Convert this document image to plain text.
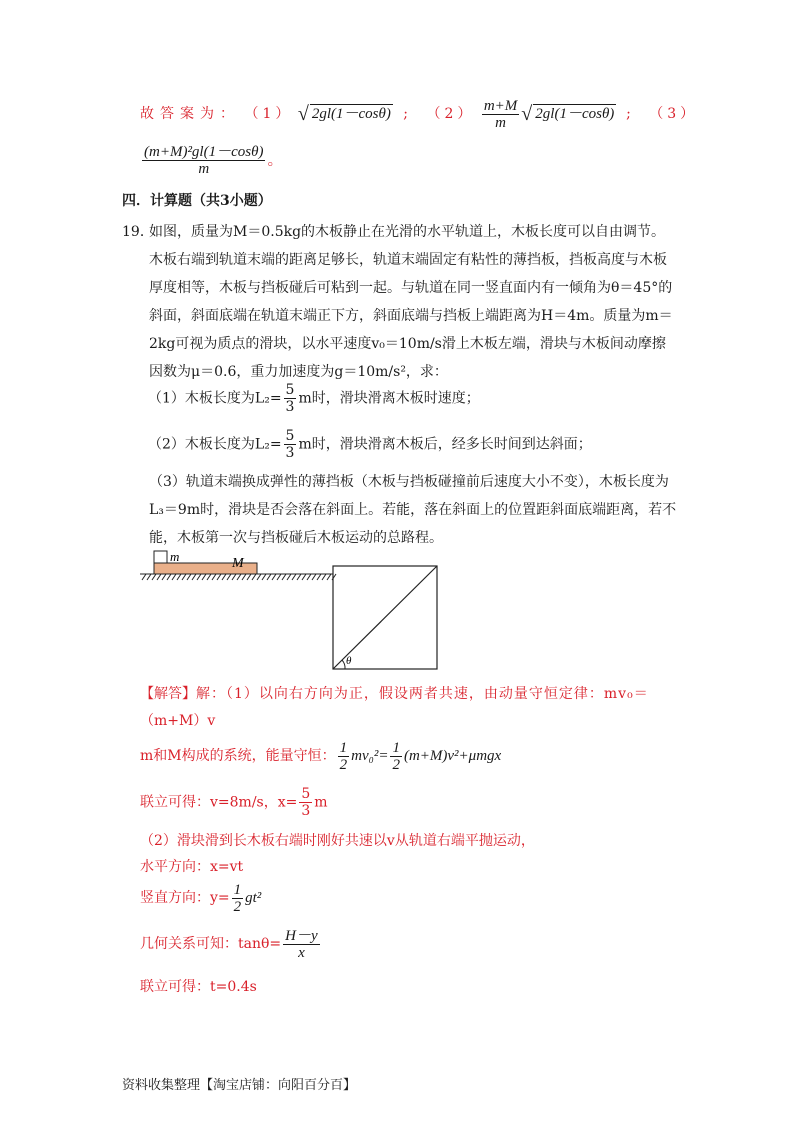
故答案为： （1） √ 2gl(1－cosθ) ; $(2) \frac{m+M}{m}$ √ 2gl(1－cosθ) ; （3）
$\frac{\text{(m+M)²gl(1－cosθ)}}{m}$ 。
四．计算题（共3小题）
19．
如图，质量为M＝0.5kg的木板静止在光滑的水平轨道上，木板长度可以自由调节。木板右端到轨道末端的距离足够长，轨道末端固定有粘性的薄挡板，挡板高度与木板厚度相等，木板与挡板碰后可粘到一起。与轨道在同一竖直面内有一倾角为θ＝45°的斜面，斜面底端在轨道末端正下方，斜面底端与挡板上端距离为H＝4m。质量为m＝2kg可视为质点的滑块，以水平速度v₀＝10m/s滑上木板左端，滑块与木板间动摩擦因数为μ＝0.6，重力加速度为g＝10m/s²，求：
（1）木板长度为$L_2= \frac{5}{3}$ m时，滑块滑离木板时速度；
（2）木板长度为$L_2= \frac{5}{3}$ m时，滑块滑离木板后，经多长时间到达斜面；
（3）轨道末端换成弹性的薄挡板（木板与挡板碰撞前后速度大小不变），木板长度为L₃＝9m时，滑块是否会落在斜面上。若能，落在斜面上的位置距斜面底端距离，若不能，木板第一次与挡板碰后木板运动的总路程。
m	M
θ
【解答】解：（1）以向右方向为正，假设两者共速，由动量守恒定律：mv₀＝
（m+M）v
m和M构成的系统，能量守恒： $\frac{1}{2} mv_0^2= \frac{1}{2} (m+M)v^2+\mu mgx$
联立可得：v=8m/s，$x= \frac{5}{3}$ m
（2）滑块滑到长木板右端时刚好共速以v从轨道右端平抛运动，
水平方向：x=vt
竖直方向：$y= \frac{1}{2} gt^2$
几何关系可知：$\tan\theta= \frac{H-y}{x}$
联立可得：t=0.4s
资料收集整理【淘宝店铺：向阳百分百】
